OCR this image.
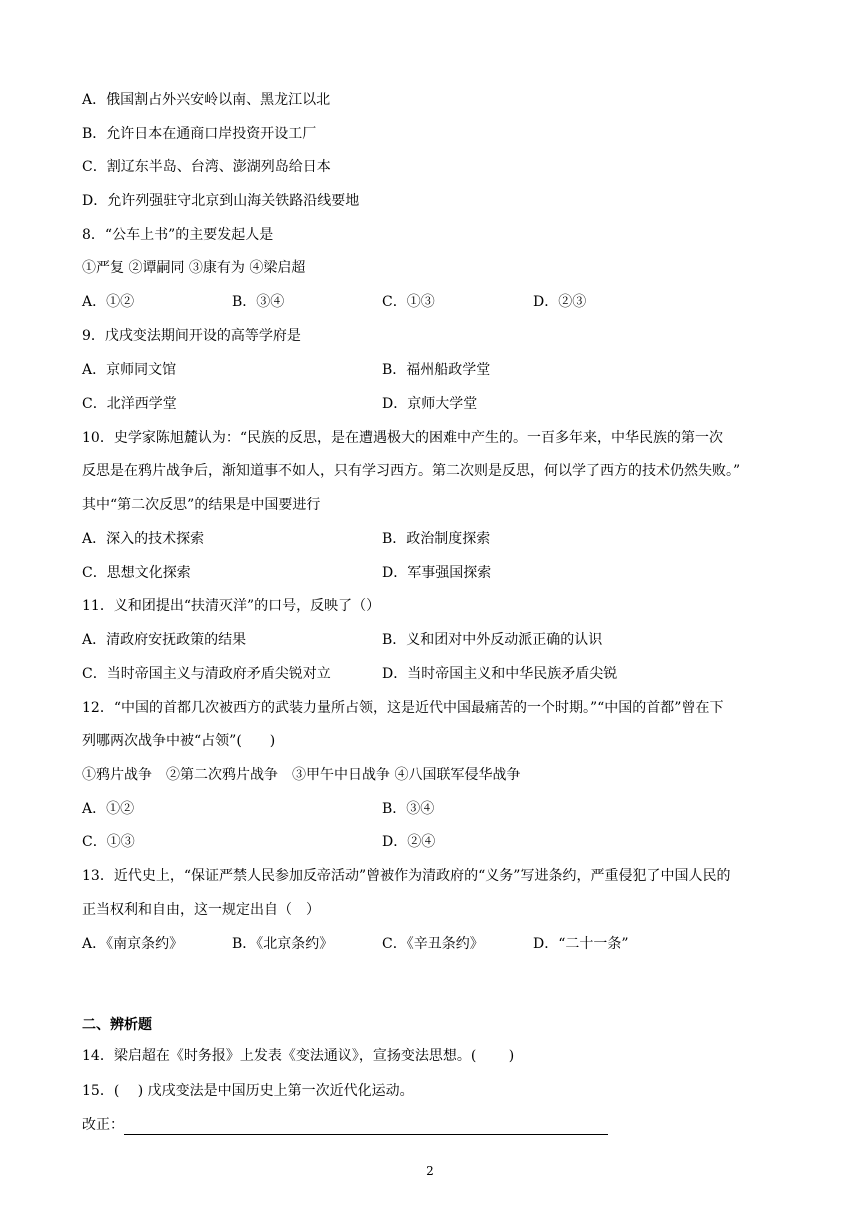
A．俄国割占外兴安岭以南、黑龙江以北
B．允许日本在通商口岸投资开设工厂
C．割辽东半岛、台湾、澎湖列岛给日本
D．允许列强驻守北京到山海关铁路沿线要地
8．“公车上书”的主要发起人是
①严复 ②谭嗣同 ③康有为 ④梁启超
A．①②	B．③④	C．①③	D．②③
9．戊戌变法期间开设的高等学府是
A．京师同文馆	B．福州船政学堂
C．北洋西学堂	D．京师大学堂
10．史学家陈旭麓认为：“民族的反思，是在遭遇极大的困难中产生的。一百多年来，中华民族的第一次
反思是在鸦片战争后，渐知道事不如人，只有学习西方。第二次则是反思，何以学了西方的技术仍然失败。”
其中“第二次反思”的结果是中国要进行
A．深入的技术探索	B．政治制度探索
C．思想文化探索	D．军事强国探索
11．义和团提出“扶清灭洋”的口号，反映了（）
A．清政府安抚政策的结果	B．义和团对中外反动派正确的认识
C．当时帝国主义与清政府矛盾尖锐对立	D．当时帝国主义和中华民族矛盾尖锐
12．“中国的首都几次被西方的武装力量所占领，这是近代中国最痛苦的一个时期。”“中国的首都”曾在下
列哪两次战争中被“占领”(　　)
①鸦片战争　②第二次鸦片战争　③甲午中日战争 ④八国联军侵华战争
A．①②	B．③④
C．①③	D．②④
13．近代史上，“保证严禁人民参加反帝活动”曾被作为清政府的“义务”写进条约，严重侵犯了中国人民的
正当权利和自由，这一规定出自（　）
A．《南京条约》	B．《北京条约》	C．《辛丑条约》	D．“二十一条”
二、辨析题
14．梁启超在《时务报》上发表《变法通议》，宣扬变法思想。(　　 )
15．(　 ) 戊戌变法是中国历史上第一次近代化运动。
改正：
2
